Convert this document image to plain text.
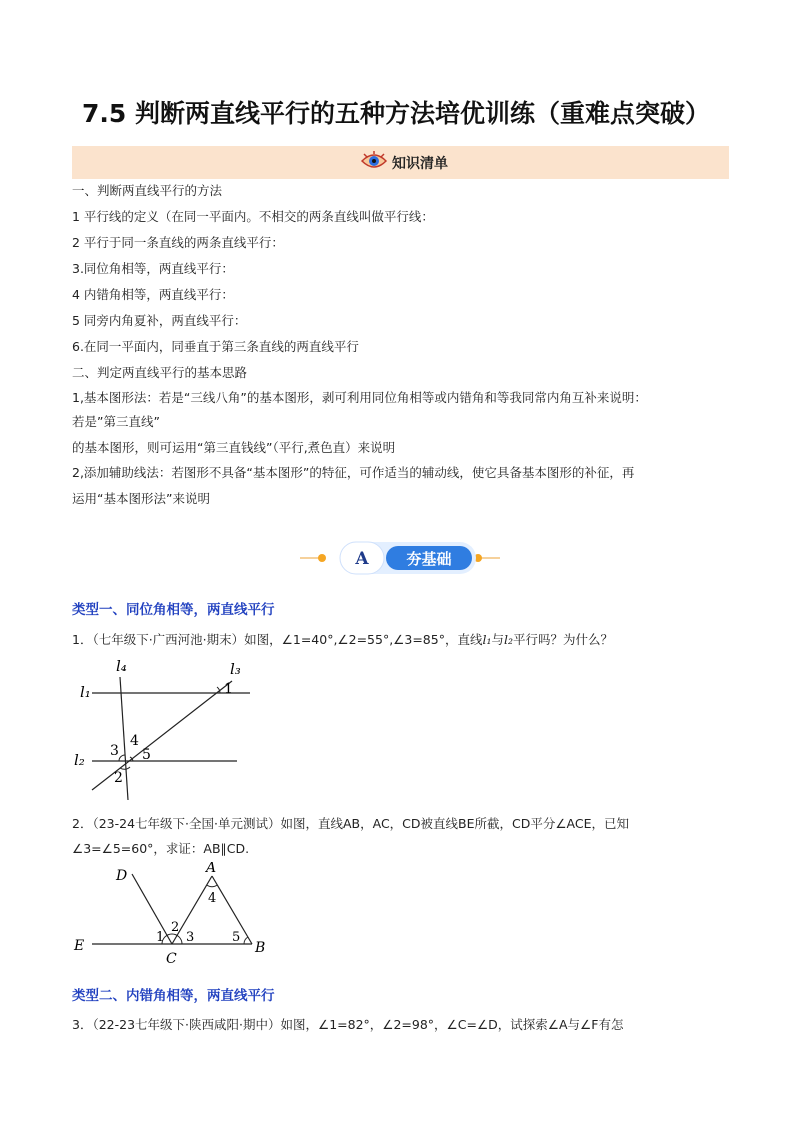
7.5 判断两直线平行的五种方法培优训练（重难点突破）
知识清单
一、判断两直线平行的方法
1 平行线的定义（在同一平面内。不相交的两条直线叫做平行线：
2 平行于同一条直线的两条直线平行：
3.同位角相等，两直线平行：
4 内错角相等，两直线平行：
5 同旁内角夏补，两直线平行：
6.在同一平面内，同垂直于第三条直线的两直线平行
二、判定两直线平行的基本思路
1,基本图形法：若是“三线八角”的基本图形，剥可利用同位角相等或内错角和等我同常内角互补来说明：
若是”第三直线”
的基本图形，则可运用“第三直钱线”（平行,煮色直）来说明
2,添加辅助线法：若图形不具备“基本图形”的特征，可作适当的辅动线，使它具备基本图形的补征，再
运用“基本图形法”来说明
A	夯基础
类型一、同位角相等，两直线平行
1．（七年级下·广西河池·期末）如图，∠1=40°,∠2=55°,∠3=85°，直线l₁与l₂平行吗？为什么？
l₄	l₃
l₁
l₂
1
2
3
4
5
2．（23-24七年级下·全国·单元测试）如图，直线AB，AC，CD被直线BE所截，CD平分∠ACE，已知
∠3=∠5=60°，求证：AB∥CD.
D	A
E
C
B
1
2
3
4
5
类型二、内错角相等，两直线平行
3．（22-23七年级下·陕西咸阳·期中）如图，∠1=82°，∠2=98°，∠C=∠D，试探索∠A与∠F有怎
